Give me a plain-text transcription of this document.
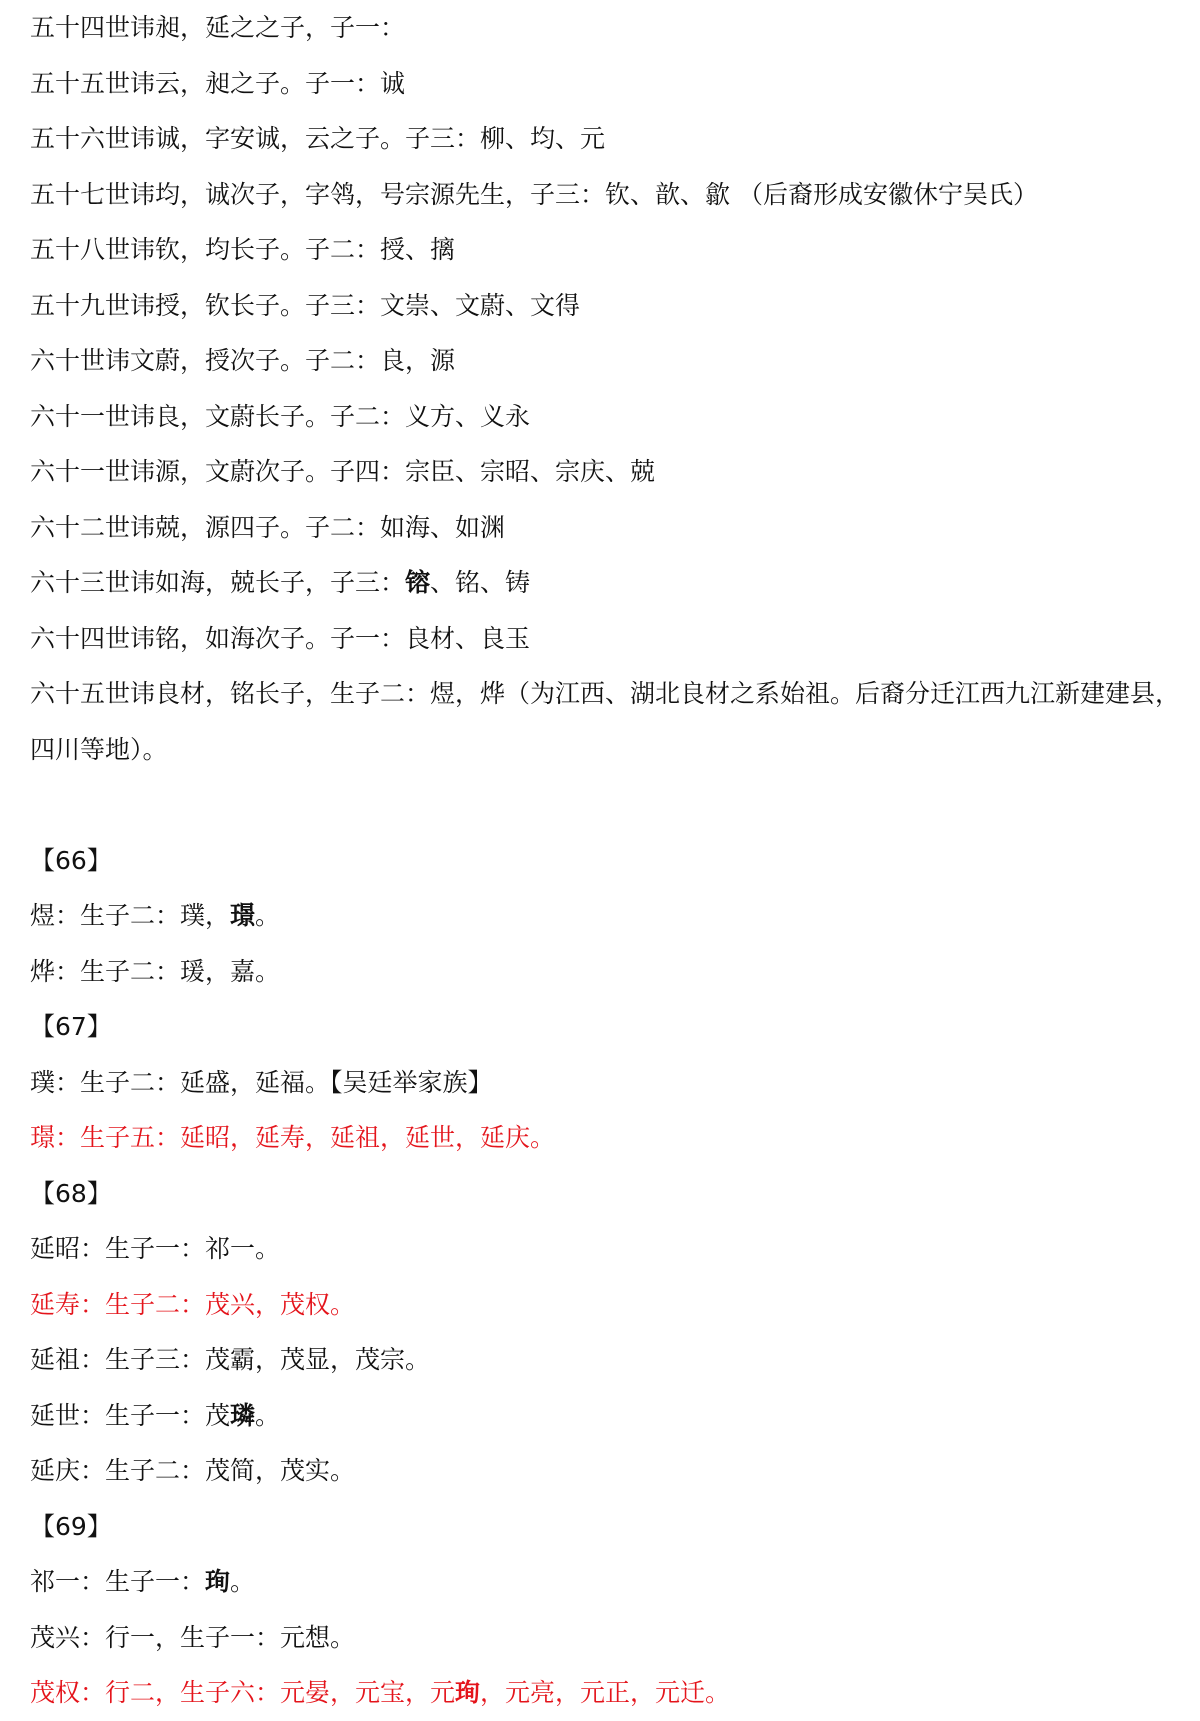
五十四世讳昶，延之之子，子一：
五十五世讳云，昶之子。子一：诚
五十六世讳诚，字安诚，云之子。子三：柳、均、元
五十七世讳均，诚次子，字鸰，号宗源先生，子三：钦、歆、歙 （后裔形成安徽休宁吴氏）
五十八世讳钦，均长子。子二：授、摛
五十九世讳授，钦长子。子三：文崇、文蔚、文得
六十世讳文蔚，授次子。子二：良，源
六十一世讳良，文蔚长子。子二：义方、义永
六十一世讳源，文蔚次子。子四：宗臣、宗昭、宗庆、兢
六十二世讳兢，源四子。子二：如海、如渊
六十三世讳如海，兢长子，子三：镕、铭、铸
六十四世讳铭，如海次子。子一：良材、良玉
六十五世讳良材，铭长子，生子二：煜，烨（为江西、湖北良材之系始祖。后裔分迁江西九江新建建县，
四川等地）。
【66】
煜：生子二：璞，璟。
烨：生子二：瑗，嘉。
【67】
璞：生子二：延盛，延福。【吴廷举家族】
璟：生子五：延昭，延寿，延祖，延世，延庆。
【68】
延昭：生子一：祁一。
延寿：生子二：茂兴，茂权。
延祖：生子三：茂霸，茂显，茂宗。
延世：生子一：茂璘。
延庆：生子二：茂简，茂实。
【69】
祁一：生子一：珣。
茂兴：行一，生子一：元想。
茂权：行二，生子六：元晏，元宝，元珣，元亮，元正，元迁。
